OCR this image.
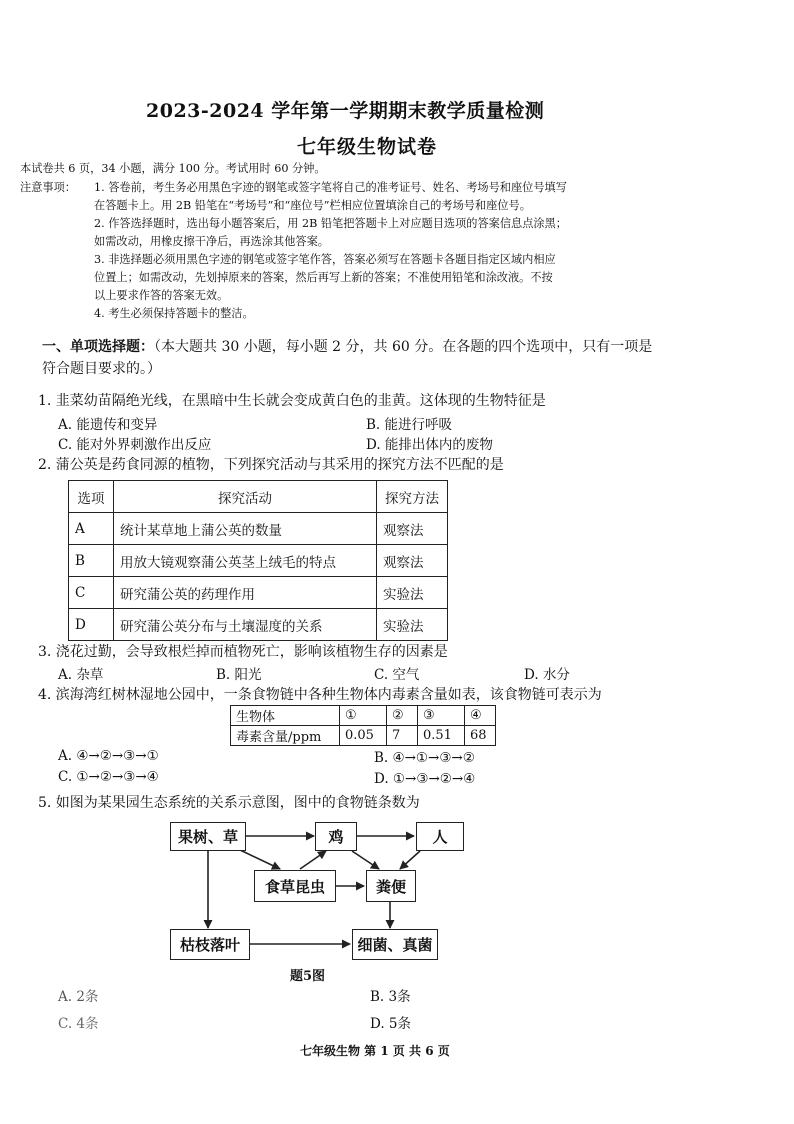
2023-2024 学年第一学期期末教学质量检测
七年级生物试卷
本试卷共 6 页，34 小题，满分 100 分。考试用时 60 分钟。
注意事项： 1. 答卷前，考生务必用黑色字迹的钢笔或签字笔将自己的准考证号、姓名、考场号和座位号填写
在答题卡上。用 2B 铅笔在“考场号”和“座位号”栏相应位置填涂自己的考场号和座位号。
2. 作答选择题时，选出每小题答案后，用 2B 铅笔把答题卡上对应题目选项的答案信息点涂黑；
如需改动，用橡皮擦干净后，再选涂其他答案。
3. 非选择题必须用黑色字迹的钢笔或签字笔作答，答案必须写在答题卡各题目指定区域内相应
位置上；如需改动，先划掉原来的答案，然后再写上新的答案；不准使用铅笔和涂改液。不按
以上要求作答的答案无效。
4. 考生必须保持答题卡的整洁。
一、单项选择题：（本大题共 30 小题，每小题 2 分，共 60 分。在各题的四个选项中，只有一项是
符合题目要求的。）
1. 韭菜幼苗隔绝光线，在黑暗中生长就会变成黄白色的韭黄。这体现的生物特征是
A. 能遗传和变异	B. 能进行呼吸
C. 能对外界刺激作出反应	D. 能排出体内的废物
2. 蒲公英是药食同源的植物，下列探究活动与其采用的探究方法不匹配的是
选项	探究活动	探究方法
A	统计某草地上蒲公英的数量	观察法
B	用放大镜观察蒲公英茎上绒毛的特点	观察法
C	研究蒲公英的药理作用	实验法
D	研究蒲公英分布与土壤湿度的关系	实验法
3. 浇花过勤，会导致根烂掉而植物死亡，影响该植物生存的因素是
A. 杂草	B. 阳光	C. 空气	D. 水分
4. 滨海湾红树林湿地公园中，一条食物链中各种生物体内毒素含量如表，该食物链可表示为
生物体	①	②	③	④
毒素含量/ppm	0.05	7	0.51	68
A. ④→②→③→①	B. ④→①→③→②
C. ①→②→③→④	D. ①→③→②→④
5. 如图为某果园生态系统的关系示意图，图中的食物链条数为
果树、草	鸡	人
食草昆虫	粪便
枯枝落叶	细菌、真菌
题5图
A. 2条	B. 3条
C. 4条	D. 5条
七年级生物 第 1 页 共 6 页
